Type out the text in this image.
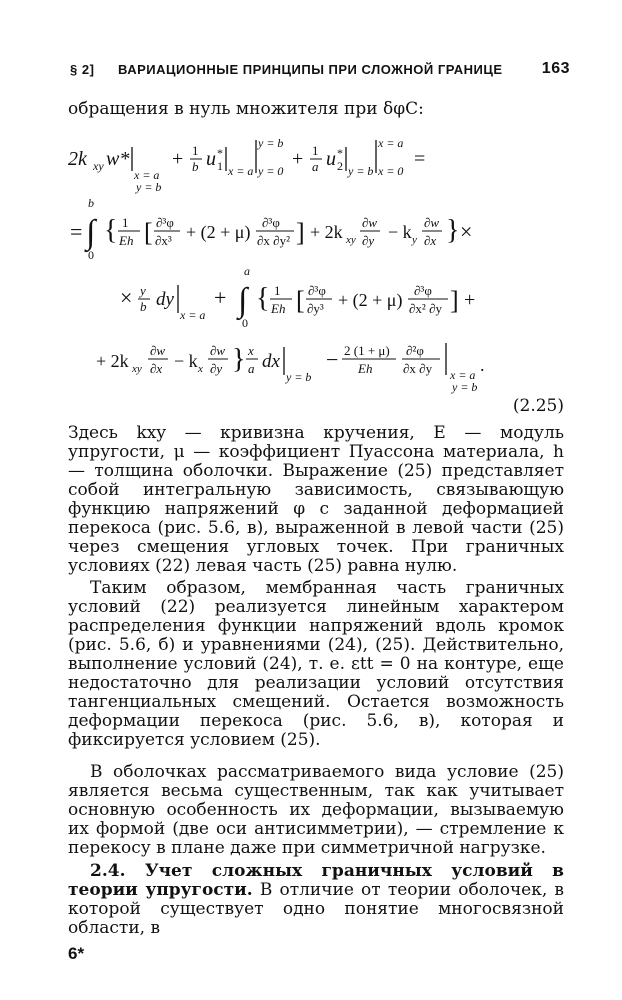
§ 2] ВАРИАЦИОННЫЕ ПРИНЦИПЫ ПРИ СЛОЖНОЙ ГРАНИЦЕ 163

обращения в нуль множителя при δφC:

2k xy w*
x = a
y = b
+ 1
b u *
1 x = a
y = b
y = 0
+ 1
a u *
2 y = b
x = a
x = 0
=
b
= ∫
0
{ 1
Eh [ ∂³φ
∂x³ + (2 + μ) ∂³φ
∂x ∂y² ] + 2k xy
∂w
∂y − k y
∂w
∂x } ×
× y
b dy
x = a
+
a
∫
0
{ 1
Eh [ ∂³φ
∂y³ + (2 + μ) ∂³φ
∂x² ∂y ] +
+ 2k xy
∂w
∂x − k x
∂w
∂y } x
a dx
y = b
− 2 (1 + μ)
Eh
∂²φ
∂x ∂y x = a
y = b
.
(2.25)

Здесь kxy — кривизна кручения, E — модуль упругости, μ — коэффициент Пуассона материала, h — толщина оболочки. Выражение (25) представляет собой интегральную зависимость, связывающую функцию напряжений φ с заданной деформацией перекоса (рис. 5.6, в), выраженной в левой части (25) через смещения угловых точек. При граничных условиях (22) левая часть (25) равна нулю.

Таким образом, мембранная часть граничных условий (22) реализуется линейным характером распределения функции напряжений вдоль кромок (рис. 5.6, б) и уравнениями (24), (25). Действительно, выполнение условий (24), т. е. εtt = 0 на контуре, еще недостаточно для реализации условий отсутствия тангенциальных смещений. Остается возможность деформации перекоса (рис. 5.6, в), которая и фиксируется условием (25).

В оболочках рассматриваемого вида условие (25) является весьма существенным, так как учитывает основную особенность их деформации, вызываемую их формой (две оси антисимметрии), — стремление к перекосу в плане даже при симметричной нагрузке.

2.4. Учет сложных граничных условий в теории упругости. В отличие от теории оболочек, в которой существует одно понятие многосвязной области, в

6*
